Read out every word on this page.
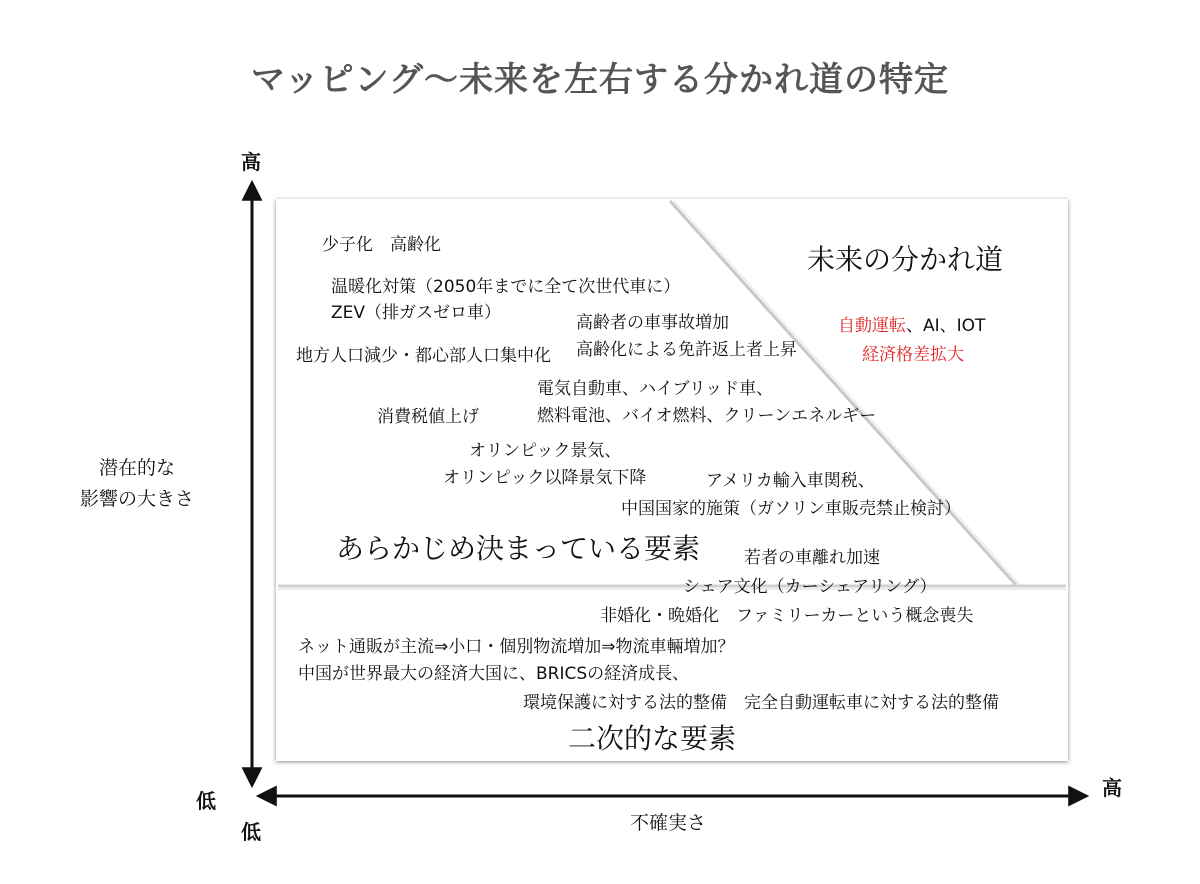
マッピング〜未来を左右する分かれ道の特定
高
低
低
高
潜在的な
影響の大きさ
不確実さ
未来の分かれ道
あらかじめ決まっている要素
二次的な要素
少子化　高齢化
温暖化対策（2050年までに全て次世代車に）
ZEV（排ガスゼロ車）	高齢者の車事故増加
高齢化による免許返上者上昇
自動運転、AI、IOT
経済格差拡大
地方人口減少・都心部人口集中化
電気自動車、ハイブリッド車、
燃料電池、バイオ燃料、クリーンエネルギー
消費税値上げ
オリンピック景気、
オリンピック以降景気下降	アメリカ輸入車関税、
中国国家的施策（ガソリン車販売禁止検討）
若者の車離れ加速
シェア文化（カーシェアリング）
非婚化・晩婚化　ファミリーカーという概念喪失
ネット通販が主流⇒小口・個別物流増加⇒物流車輛増加？
中国が世界最大の経済大国に、BRICSの経済成長、
環境保護に対する法的整備　完全自動運転車に対する法的整備
